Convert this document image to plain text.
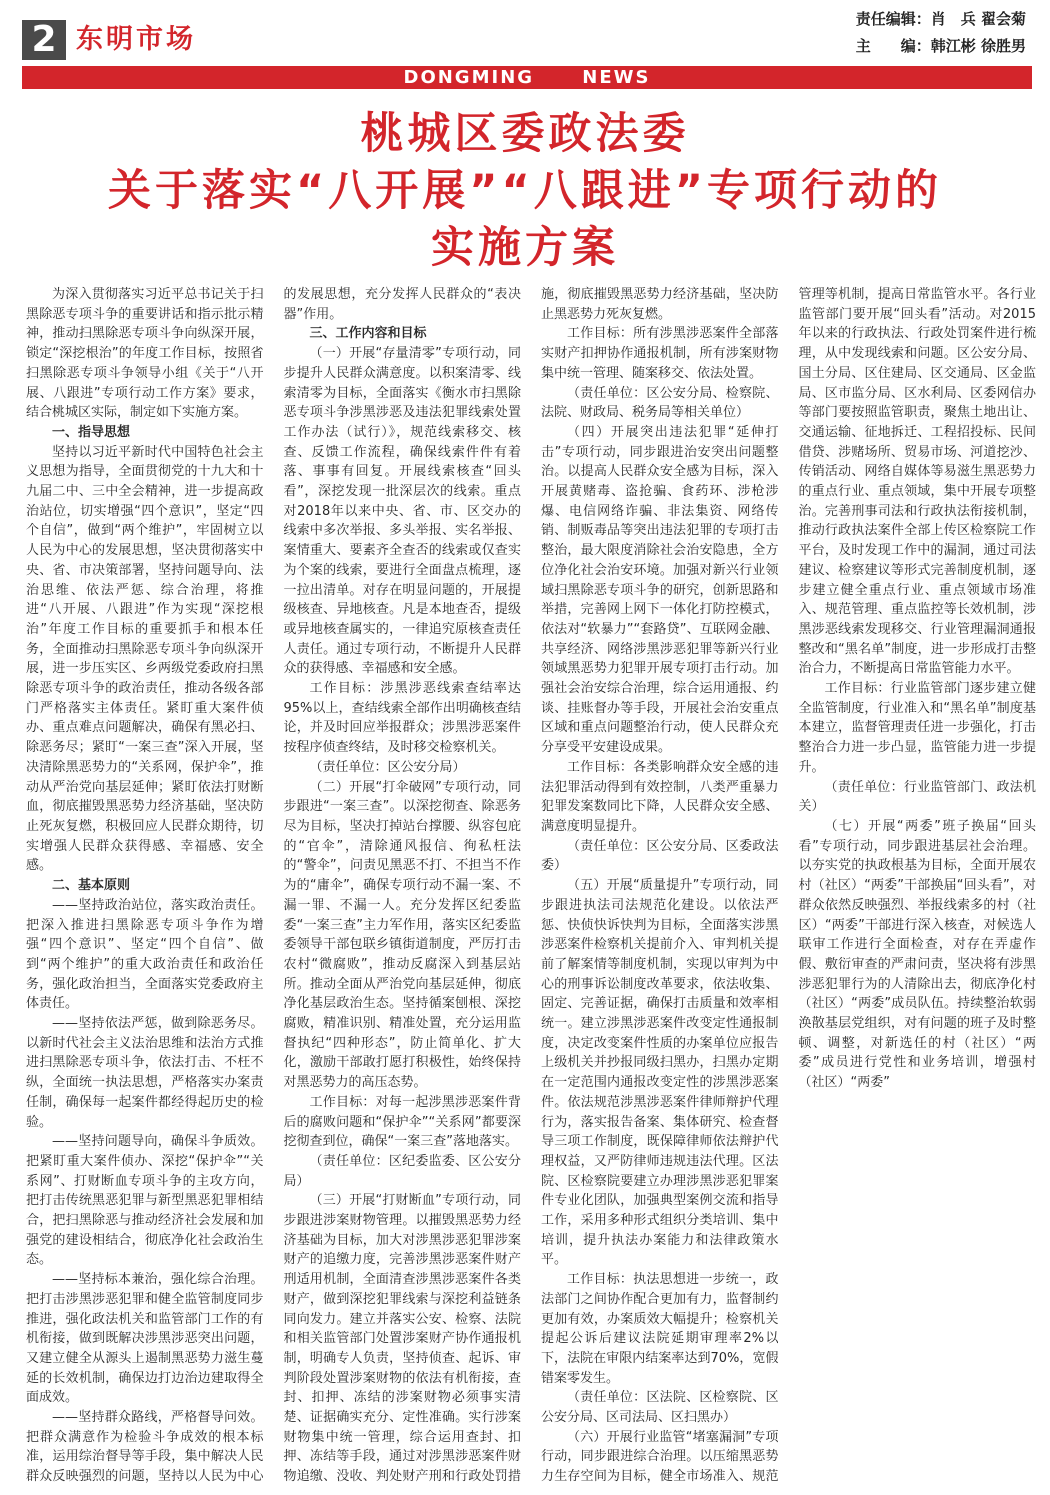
2 东明市场
责任编辑：肖　兵 翟会菊
主　　编：韩江彬 徐胜男
DONGMING NEWS
桃城区委政法委
关于落实“八开展”“八跟进”专项行动的
实施方案

为深入贯彻落实习近平总书记关于扫黑除恶专项斗争的重要讲话和指示批示精神，推动扫黑除恶专项斗争向纵深开展，锁定“深挖根治”的年度工作目标，按照省扫黑除恶专项斗争领导小组《关于“八开展、八跟进”专项行动工作方案》要求，结合桃城区实际，制定如下实施方案。

一、指导思想

坚持以习近平新时代中国特色社会主义思想为指导，全面贯彻党的十九大和十九届二中、三中全会精神，进一步提高政治站位，切实增强“四个意识”，坚定“四个自信”，做到“两个维护”，牢固树立以人民为中心的发展思想，坚决贯彻落实中央、省、市决策部署，坚持问题导向、法治思维、依法严惩、综合治理，将推进“八开展、八跟进”作为实现“深挖根治”年度工作目标的重要抓手和根本任务，全面推动扫黑除恶专项斗争向纵深开展，进一步压实区、乡两级党委政府扫黑除恶专项斗争的政治责任，推动各级各部门严格落实主体责任。紧盯重大案件侦办、重点难点问题解决，确保有黑必扫、除恶务尽；紧盯“一案三查”深入开展，坚决清除黑恶势力的“关系网，保护伞”，推动从严治党向基层延伸；紧盯依法打财断血，彻底摧毁黑恶势力经济基础，坚决防止死灰复燃，积极回应人民群众期待，切实增强人民群众获得感、幸福感、安全感。

二、基本原则

——坚持政治站位，落实政治责任。把深入推进扫黑除恶专项斗争作为增强“四个意识”、坚定“四个自信”、做到“两个维护”的重大政治责任和政治任务，强化政治担当，全面落实党委政府主体责任。

——坚持依法严惩，做到除恶务尽。以新时代社会主义法治思维和法治方式推进扫黑除恶专项斗争，依法打击、不枉不纵，全面统一执法思想，严格落实办案责任制，确保每一起案件都经得起历史的检验。

——坚持问题导向，确保斗争质效。把紧盯重大案件侦办、深挖“保护伞”“关系网”、打财断血专项斗争的主攻方向，把打击传统黑恶犯罪与新型黑恶犯罪相结合，把扫黑除恶与推动经济社会发展和加强党的建设相结合，彻底净化社会政治生态。

——坚持标本兼治，强化综合治理。把打击涉黑涉恶犯罪和健全监管制度同步推进，强化政法机关和监管部门工作的有机衔接，做到既解决涉黑涉恶突出问题，又建立健全从源头上遏制黑恶势力滋生蔓延的长效机制，确保边打边治边建取得全面成效。

——坚持群众路线，严格督导问效。把群众满意作为检验斗争成效的根本标准，运用综治督导等手段，集中解决人民群众反映强烈的问题，坚持以人民为中心的发展思想，充分发挥人民群众的“表决器”作用。

三、工作内容和目标

（一）开展“存量清零”专项行动，同步提升人民群众满意度。以积案清零、线索清零为目标，全面落实《衡水市扫黑除恶专项斗争涉黑涉恶及违法犯罪线索处置工作办法（试行）》，规范线索移交、核查、反馈工作流程，确保线索件件有着落、事事有回复。开展线索核查“回头看”，深挖发现一批深层次的线索。重点对2018年以来中央、省、市、区交办的线索中多次举报、多头举报、实名举报、案情重大、要素齐全查否的线索或仅查实为个案的线索，要进行全面盘点梳理，逐一拉出清单。对存在明显问题的，开展提级核查、异地核查。凡是本地查否，提级或异地核查属实的，一律追究原核查责任人责任。通过专项行动，不断提升人民群众的获得感、幸福感和安全感。

工作目标：涉黑涉恶线索查结率达95%以上，查结线索全部作出明确核查结论，并及时回应举报群众；涉黑涉恶案件按程序侦查终结，及时移交检察机关。

（责任单位：区公安分局）

（二）开展“打伞破网”专项行动，同步跟进“一案三查”。以深挖彻查、除恶务尽为目标，坚决打掉站台撑腰、纵容包庇的“官伞”，清除通风报信、徇私枉法的“警伞”，问责见黑恶不打、不担当不作为的“庸伞”，确保专项行动不漏一案、不漏一罪、不漏一人。充分发挥区纪委监委“一案三查”主力军作用，落实区纪委监委领导干部包联乡镇街道制度，严厉打击农村“微腐败”，推动反腐深入到基层站所。推动全面从严治党向基层延伸，彻底净化基层政治生态。坚持循案刨根、深挖腐败，精准识别、精准处置，充分运用监督执纪“四种形态”，防止简单化、扩大化，激励干部敢打愿打积极性，始终保持对黑恶势力的高压态势。

工作目标：对每一起涉黑涉恶案件背后的腐败问题和“保护伞”“关系网”都要深挖彻查到位，确保“一案三查”落地落实。

（责任单位：区纪委监委、区公安分局）

（三）开展“打财断血”专项行动，同步跟进涉案财物管理。以摧毁黑恶势力经济基础为目标，加大对涉黑涉恶犯罪涉案财产的追缴力度，完善涉黑涉恶案件财产刑适用机制，全面清查涉黑涉恶案件各类财产，做到深挖犯罪线索与深挖利益链条同向发力。建立并落实公安、检察、法院和相关监管部门处置涉案财产协作通报机制，明确专人负责，坚持侦查、起诉、审判阶段处置涉案财物的依法有机衔接，查封、扣押、冻结的涉案财物必须事实清楚、证据确实充分、定性准确。实行涉案财物集中统一管理，综合运用查封、扣押、冻结等手段，通过对涉黑涉恶案件财物追缴、没收、判处财产刑和行政处罚措施，彻底摧毁黑恶势力经济基础，坚决防止黑恶势力死灰复燃。

工作目标：所有涉黑涉恶案件全部落实财产扣押协作通报机制，所有涉案财物集中统一管理、随案移交、依法处置。

（责任单位：区公安分局、检察院、法院、财政局、税务局等相关单位）

（四）开展突出违法犯罪“延伸打击”专项行动，同步跟进治安突出问题整治。以提高人民群众安全感为目标，深入开展黄赌毒、盗抢骗、食药环、涉枪涉爆、电信网络诈骗、非法集资、网络传销、制贩毒品等突出违法犯罪的专项打击整治，最大限度消除社会治安隐患，全方位净化社会治安环境。加强对新兴行业领域扫黑除恶专项斗争的研究，创新思路和举措，完善网上网下一体化打防控模式，依法对“软暴力”“套路贷”、互联网金融、共享经济、网络涉黑涉恶犯罪等新兴行业领域黑恶势力犯罪开展专项打击行动。加强社会治安综合治理，综合运用通报、约谈、挂账督办等手段，开展社会治安重点区域和重点问题整治行动，使人民群众充分享受平安建设成果。

工作目标：各类影响群众安全感的违法犯罪活动得到有效控制，八类严重暴力犯罪发案数同比下降，人民群众安全感、满意度明显提升。

（责任单位：区公安分局、区委政法委）

（五）开展“质量提升”专项行动，同步跟进执法司法规范化建设。以依法严惩、快侦快诉快判为目标，全面落实涉黑涉恶案件检察机关提前介入、审判机关提前了解案情等制度机制，实现以审判为中心的刑事诉讼制度改革要求，依法收集、固定、完善证据，确保打击质量和效率相统一。建立涉黑涉恶案件改变定性通报制度，决定改变案件性质的办案单位应报告上级机关并抄报同级扫黑办，扫黑办定期在一定范围内通报改变定性的涉黑涉恶案件。依法规范涉黑涉恶案件律师辩护代理行为，落实报告备案、集体研究、检查督导三项工作制度，既保障律师依法辩护代理权益，又严防律师违规违法代理。区法院、区检察院要建立办理涉黑涉恶犯罪案件专业化团队，加强典型案例交流和指导工作，采用多种形式组织分类培训、集中培训，提升执法办案能力和法律政策水平。

工作目标：执法思想进一步统一，政法部门之间协作配合更加有力，监督制约更加有效，办案质效大幅提升；检察机关提起公诉后建议法院延期审理率2%以下，法院在审限内结案率达到70%，宽假错案零发生。

（责任单位：区法院、区检察院、区公安分局、区司法局、区扫黑办）

（六）开展行业监管“堵塞漏洞”专项行动，同步跟进综合治理。以压缩黑恶势力生存空间为目标，健全市场准入、规范管理等机制，提高日常监管水平。各行业监管部门要开展“回头看”活动。对2015年以来的行政执法、行政处罚案件进行梳理，从中发现线索和问题。区公安分局、国土分局、区住建局、区交通局、区金监局、区市监分局、区水利局、区委网信办等部门要按照监管职责，聚焦土地出让、交通运输、征地拆迁、工程招投标、民间借贷、涉赌场所、贸易市场、河道挖沙、传销活动、网络自媒体等易滋生黑恶势力的重点行业、重点领域，集中开展专项整治。完善刑事司法和行政执法衔接机制，推动行政执法案件全部上传区检察院工作平台，及时发现工作中的漏洞，通过司法建议、检察建议等形式完善制度机制，逐步建立健全重点行业、重点领域市场准入、规范管理、重点监控等长效机制，涉黑涉恶线索发现移交、行业管理漏洞通报整改和“黑名单”制度，进一步形成打击整治合力，不断提高日常监管能力水平。

工作目标：行业监管部门逐步建立健全监管制度，行业准入和“黑名单”制度基本建立，监督管理责任进一步强化，打击整治合力进一步凸显，监管能力进一步提升。

（责任单位：行业监管部门、政法机关）

（七）开展“两委”班子换届“回头看”专项行动，同步跟进基层社会治理。以夯实党的执政根基为目标，全面开展农村（社区）“两委”干部换届“回头看”，对群众依然反映强烈、举报线索多的村（社区）“两委”干部进行深入核查，对候选人联审工作进行全面检查，对存在弄虚作假、敷衍审查的严肃问责，坚决将有涉黑涉恶犯罪行为的人清除出去，彻底净化村（社区）“两委”成员队伍。持续整治软弱涣散基层党组织，对有问题的班子及时整顿、调整，对新选任的村（社区）“两委”成员进行党性和业务培训，增强村（社区）“两委”
